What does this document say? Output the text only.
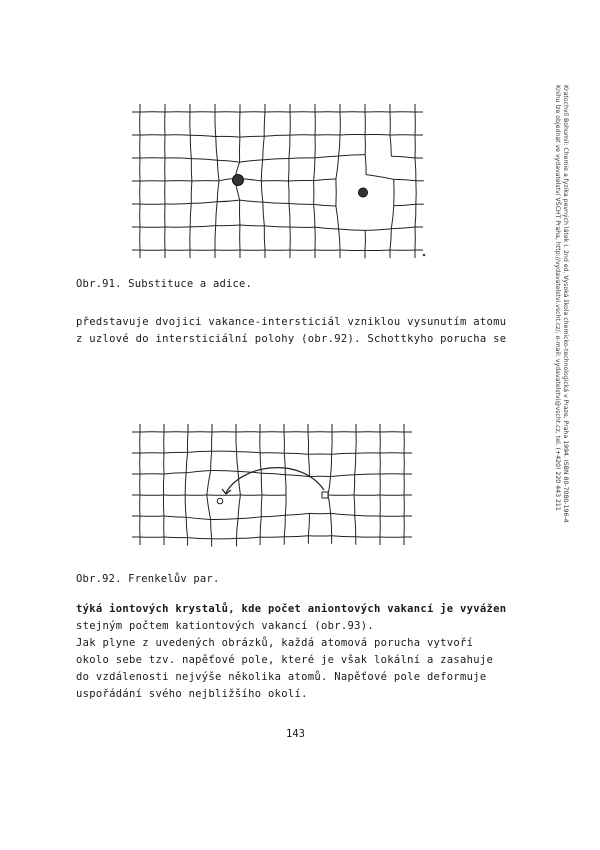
Obr.91. Substituce a adice.
představuje dvojici vakance-intersticiál vzniklou vysunutím atomu
z uzlové do intersticiální polohy (obr.92). Schottkyho porucha se
Obr.92. Frenkelův par.
týká iontových krystalů, kde počet aniontových vakancí je vyvážen
stejným počtem kationtových vakancí (obr.93).
Jak plyne z uvedených obrázků, každá atomová porucha vytvoří
okolo sebe tzv. napěťové pole, které je však lokální a zasahuje
do vzdálenosti nejvýše několika atomů. Napěťové pole deformuje
uspořádání svého nejbližšího okolí.
143
Kratochvíl Bohumil: Chemie a fyzika pevných látek I. 2nd ed. Vysoká škola chemicko-technologická v Praze, Praha 1994. ISBN 80-7080-196-4
Knihu lze objednat ve vydavatelství VŠCHT Praha, http://vydavatelstvi.vscht.cz/, e-mail: vydavatelstvi@vscht.cz, tel. (+420) 220 443 211
